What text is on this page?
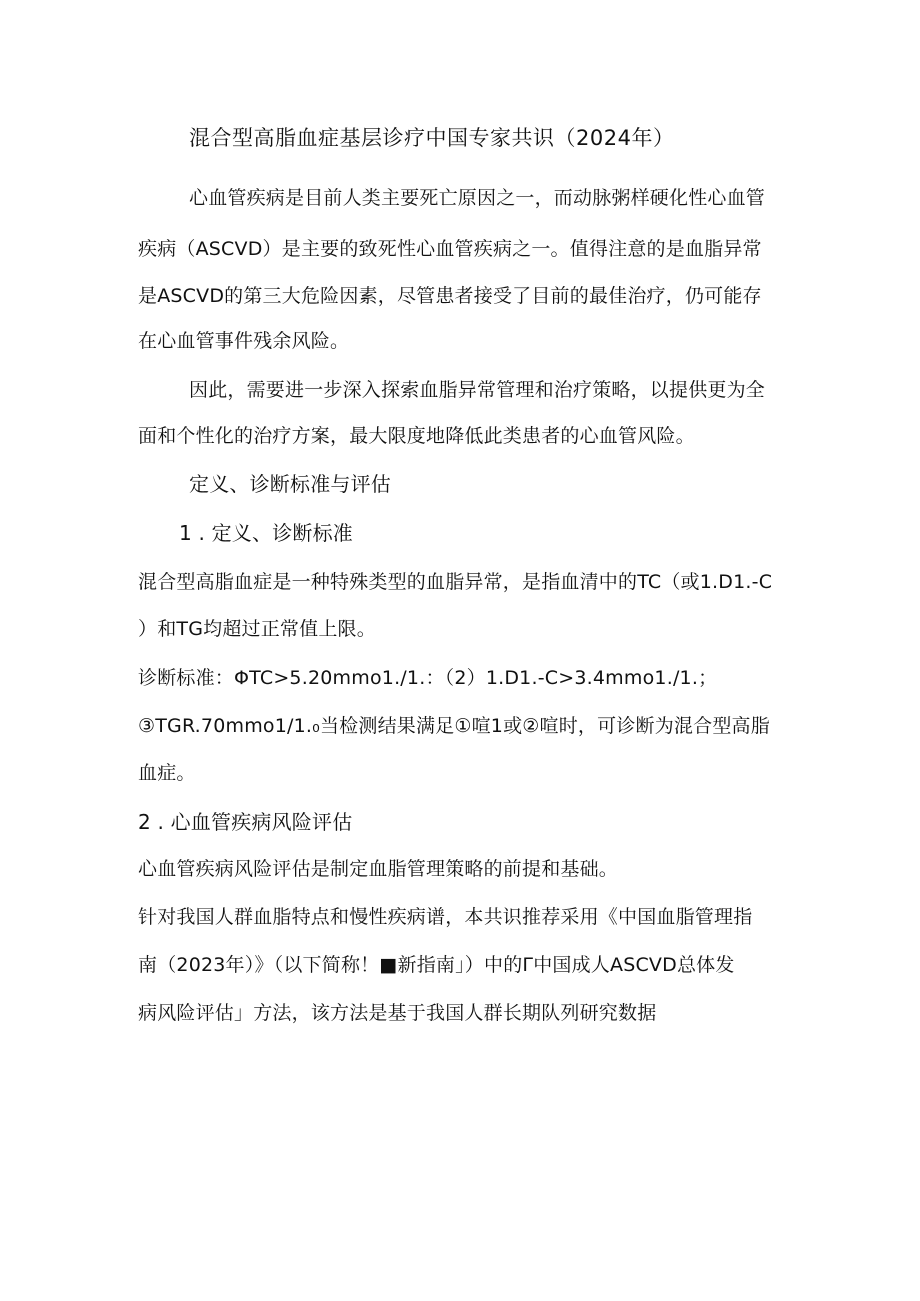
混合型高脂血症基层诊疗中国专家共识（2024年）
心血管疾病是目前人类主要死亡原因之一，而动脉粥样硬化性心血管
疾病（ASCVD）是主要的致死性心血管疾病之一。值得注意的是血脂异常
是ASCVD的第三大危险因素，尽管患者接受了目前的最佳治疗，仍可能存
在心血管事件残余风险。
因此，需要进一步深入探索血脂异常管理和治疗策略，以提供更为全
面和个性化的治疗方案，最大限度地降低此类患者的心血管风险。
定义、诊断标准与评估
1 . 定义、诊断标准
混合型高脂血症是一种特殊类型的血脂异常，是指血清中的TC（或1.D1.-C
）和TG均超过正常值上限。
诊断标准：ΦTC>5.20mmo1./1.：（2）1.D1.-C>3.4mmo1./1.；
③TGR.70mmo1/1.₀当检测结果满足①喧1或②喧时，可诊断为混合型高脂
血症。
2 . 心血管疾病风险评估
心血管疾病风险评估是制定血脂管理策略的前提和基础。
针对我国人群血脂特点和慢性疾病谱，本共识推荐采用《中国血脂管理指
南（2023年）》（以下简称！■新指南」）中的Γ中国成人ASCVD总体发
病风险评估」方法，该方法是基于我国人群长期队列研究数据
